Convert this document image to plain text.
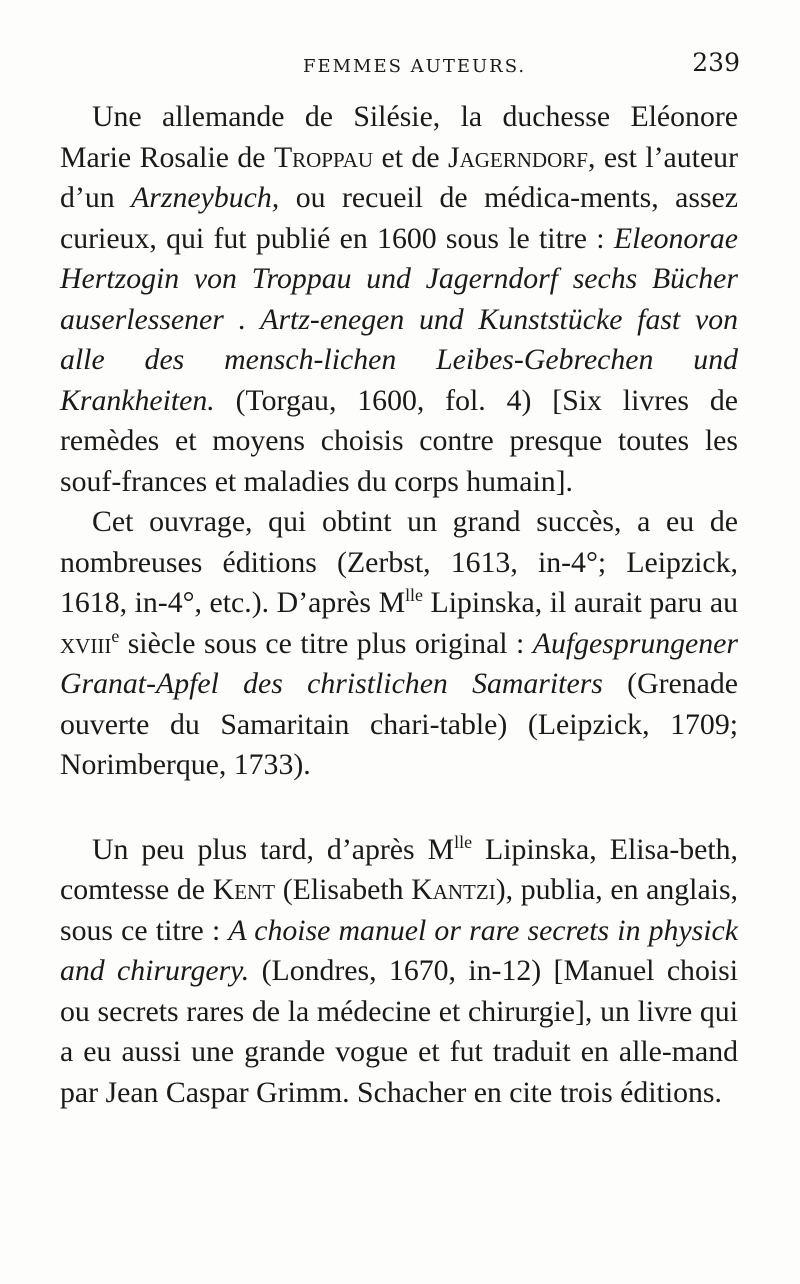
FEMMES AUTEURS.	239

Une allemande de Silésie, la duchesse Eléonore Marie Rosalie de Troppau et de Jagerndorf, est l’auteur d’un Arzneybuch, ou recueil de médica-ments, assez curieux, qui fut publié en 1600 sous le titre : Eleonorae Hertzogin von Troppau und Jagerndorf sechs Bücher auserlessener . Artz-enegen und Kunststücke fast von alle des mensch-lichen Leibes-Gebrechen und Krankheiten. (Torgau, 1600, fol. 4) [Six livres de remèdes et moyens choisis contre presque toutes les souf-frances et maladies du corps humain].

Cet ouvrage, qui obtint un grand succès, a eu de nombreuses éditions (Zerbst, 1613, in-4°; Leipzick, 1618, in-4°, etc.). D’après $M^{lle}$ Lipinska, il aurait paru au xviii$^e$ siècle sous ce titre plus original : Aufgesprungener Granat-Apfel des christlichen Samariters (Grenade ouverte du Samaritain chari-table) (Leipzick, 1709; Norimberque, 1733).

Un peu plus tard, d’après $M^{lle}$ Lipinska, Elisa-beth, comtesse de Kent (Elisabeth Kantzi), publia, en anglais, sous ce titre : A choise manuel or rare secrets in physick and chirurgery. (Londres, 1670, in-12) [Manuel choisi ou secrets rares de la médecine et chirurgie], un livre qui a eu aussi une grande vogue et fut traduit en alle-mand par Jean Caspar Grimm. Schacher en cite trois éditions.
